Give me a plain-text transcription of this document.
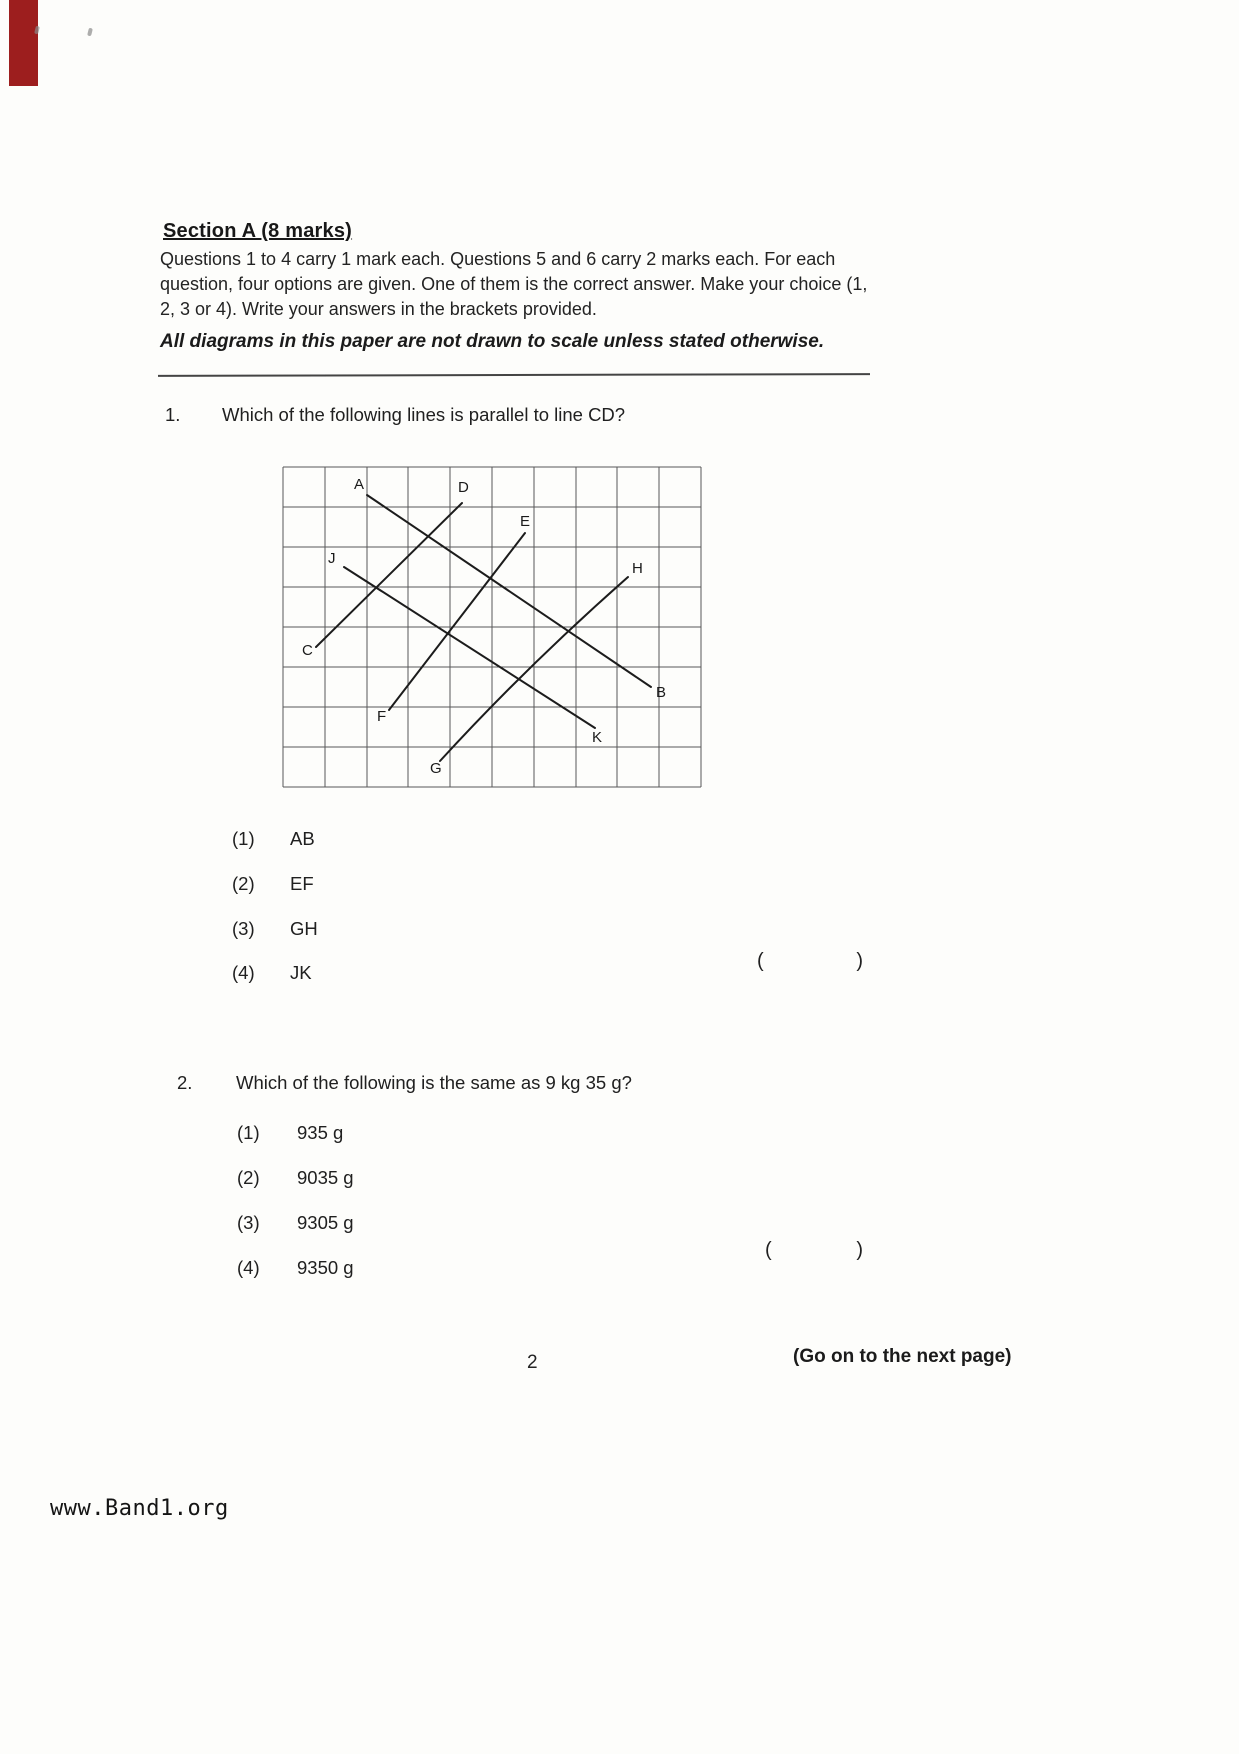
Section A (8 marks)

Questions 1 to 4 carry 1 mark each. Questions 5 and 6 carry 2 marks each. For each question, four options are given. One of them is the correct answer. Make your choice (1, 2, 3 or 4). Write your answers in the brackets provided.

All diagrams in this paper are not drawn to scale unless stated otherwise.

1. Which of the following lines is parallel to line CD?
A	D
E
J
H
C
B
F
K
G
(1)	AB
(2)	EF
(3)	GH
(4)	JK
(	)
2. Which of the following is the same as 9 kg 35 g?
(1)	935 g
(2)	9035 g
(3)	9305 g
(4)	9350 g
(	)
2	(Go on to the next page)
www.Band1.org
